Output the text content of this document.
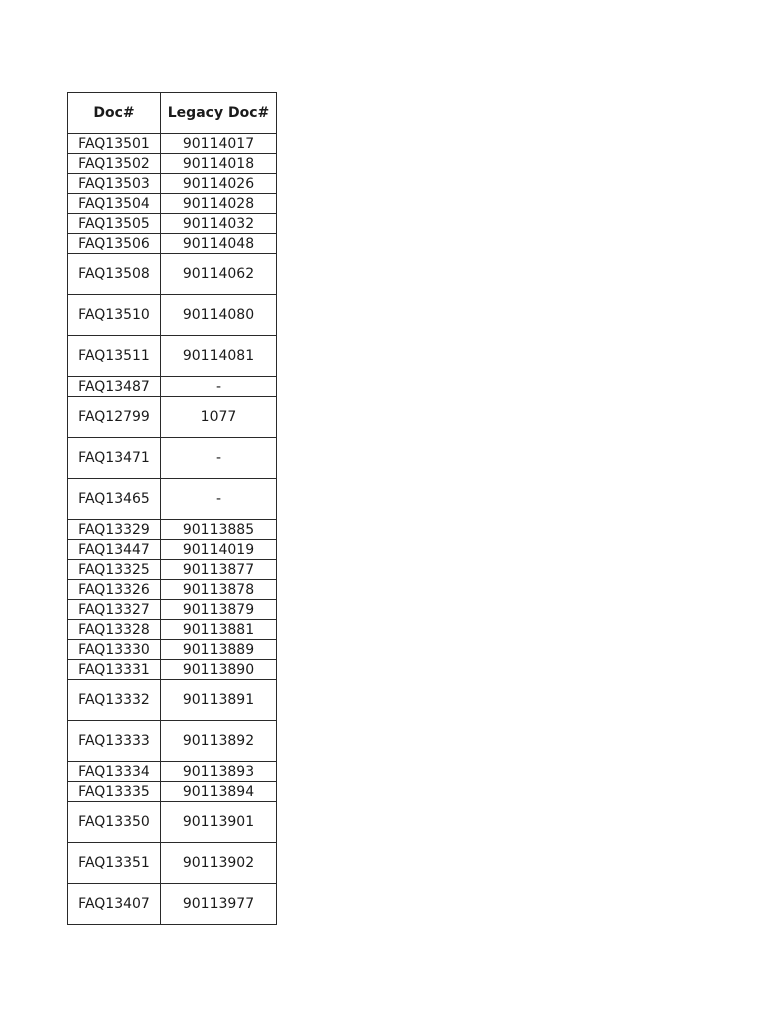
Doc#	Legacy Doc#
FAQ13501	90114017
FAQ13502	90114018
FAQ13503	90114026
FAQ13504	90114028
FAQ13505	90114032
FAQ13506	90114048
FAQ13508	90114062
FAQ13510	90114080
FAQ13511	90114081
FAQ13487	-
FAQ12799	1077
FAQ13471	-
FAQ13465	-
FAQ13329	90113885
FAQ13447	90114019
FAQ13325	90113877
FAQ13326	90113878
FAQ13327	90113879
FAQ13328	90113881
FAQ13330	90113889
FAQ13331	90113890
FAQ13332	90113891
FAQ13333	90113892
FAQ13334	90113893
FAQ13335	90113894
FAQ13350	90113901
FAQ13351	90113902
FAQ13407	90113977
